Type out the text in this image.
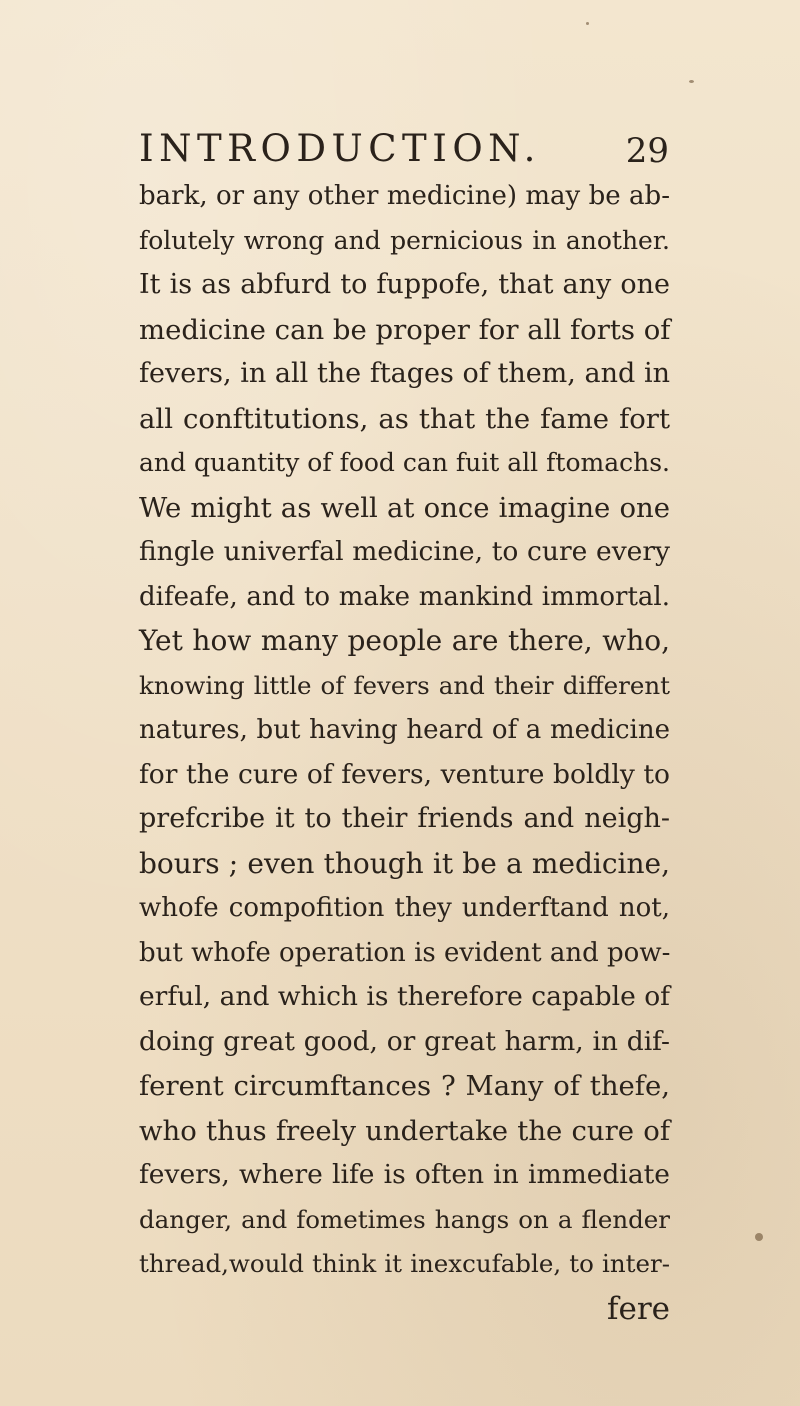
INTRODUCTION. 29
bark, or any other medicine) may be ab-
folutely wrong and pernicious in another.
It is as abfurd to fuppofe, that any one
medicine can be proper for all forts of
fevers, in all the ftages of them, and in
all conftitutions, as that the fame fort
and quantity of food can fuit all ftomachs.
We might as well at once imagine one
fingle univerfal medicine, to cure every
difeafe, and to make mankind immortal.
Yet how many people are there, who,
knowing little of fevers and their different
natures, but having heard of a medicine
for the cure of fevers, venture boldly to
prefcribe it to their friends and neigh-
bours ; even though it be a medicine,
whofe compofition they underftand not,
but whofe operation is evident and pow-
erful, and which is therefore capable of
doing great good, or great harm, in dif-
ferent circumftances ? Many of thefe,
who thus freely undertake the cure of
fevers, where life is often in immediate
danger, and fometimes hangs on a flender
thread,would think it inexcufable, to inter-
fere
